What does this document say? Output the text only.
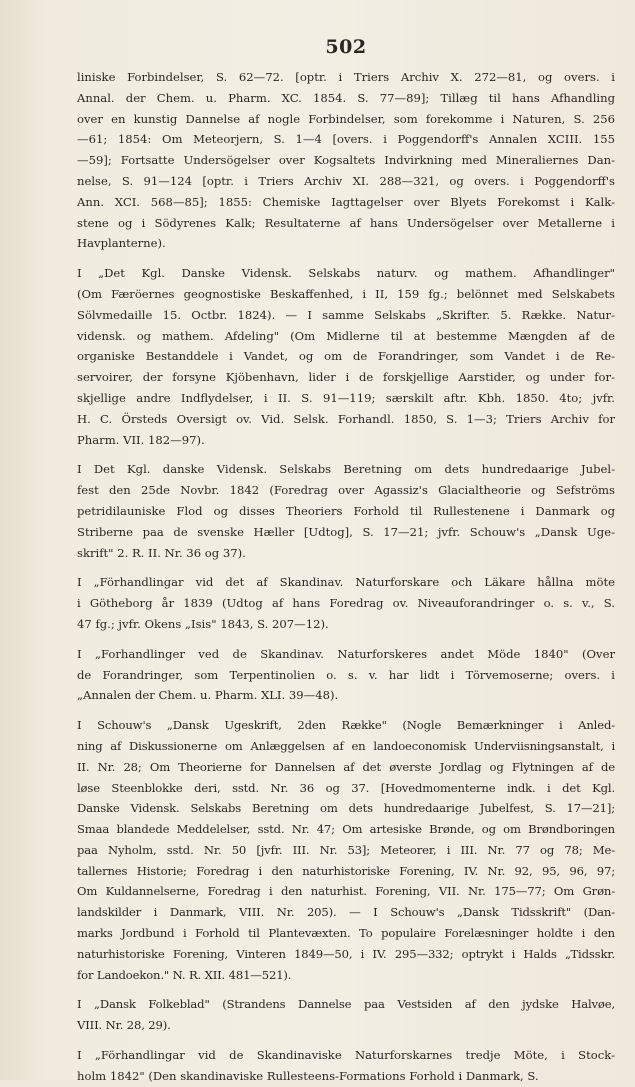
502
liniske Forbindelser, S. 62—72. [optr. i Triers Archiv X. 272—81, og overs. i
Annal. der Chem. u. Pharm. XC. 1854. S. 77—89]; Tillæg til hans Afhandling
over en kunstig Dannelse af nogle Forbindelser, som forekomme i Naturen, S. 256
—61; 1854: Om Meteorjern, S. 1—4 [overs. i Poggendorff's Annalen XCIII. 155
—59]; Fortsatte Undersögelser over Kogsaltets Indvirkning med Mineraliernes Dan-
nelse, S. 91—124 [optr. i Triers Archiv XI. 288—321, og overs. i Poggendorff's
Ann. XCI. 568—85]; 1855: Chemiske Iagttagelser over Blyets Forekomst i Kalk-
stene og i Södyrenes Kalk; Resultaterne af hans Undersögelser over Metallerne i
Havplanterne).
I „Det Kgl. Danske Vidensk. Selskabs naturv. og mathem. Afhandlinger"
(Om Færöernes geognostiske Beskaffenhed, i II, 159 fg.; belönnet med Selskabets
Sölvmedaille 15. Octbr. 1824). — I samme Selskabs „Skrifter. 5. Række. Natur-
vidensk. og mathem. Afdeling" (Om Midlerne til at bestemme Mængden af de
organiske Bestanddele i Vandet, og om de Forandringer, som Vandet i de Re-
servoirer, der forsyne Kjöbenhavn, lider i de forskjellige Aarstider, og under for-
skjellige andre Indflydelser, i II. S. 91—119; særskilt aftr. Kbh. 1850. 4to; jvfr.
H. C. Örsteds Oversigt ov. Vid. Selsk. Forhandl. 1850, S. 1—3; Triers Archiv for
Pharm. VII. 182—97).
I Det Kgl. danske Vidensk. Selskabs Beretning om dets hundredaarige Jubel-
fest den 25de Novbr. 1842 (Foredrag over Agassiz's Glacialtheorie og Sefströms
petridilauniske Flod og disses Theoriers Forhold til Rullestenene i Danmark og
Striberne paa de svenske Hæller [Udtog], S. 17—21; jvfr. Schouw's „Dansk Uge-
skrift" 2. R. II. Nr. 36 og 37).
I „Förhandlingar vid det af Skandinav. Naturforskare och Läkare hållna möte
i Götheborg år 1839 (Udtog af hans Foredrag ov. Niveauforandringer o. s. v., S.
47 fg.; jvfr. Okens „Isis" 1843, S. 207—12).
I „Forhandlinger ved de Skandinav. Naturforskeres andet Möde 1840" (Over
de Forandringer, som Terpentinolien o. s. v. har lidt i Törvemoserne; overs. i
„Annalen der Chem. u. Pharm. XLI. 39—48).
I Schouw's „Dansk Ugeskrift, 2den Række" (Nogle Bemærkninger i Anled-
ning af Diskussionerne om Anlæggelsen af en landoeconomisk Underviisningsanstalt, i
II. Nr. 28; Om Theorierne for Dannelsen af det øverste Jordlag og Flytningen af de
løse Steenblokke deri, sstd. Nr. 36 og 37. [Hovedmomenterne indk. i det Kgl.
Danske Vidensk. Selskabs Beretning om dets hundredaarige Jubelfest, S. 17—21];
Smaa blandede Meddelelser, sstd. Nr. 47; Om artesiske Brønde, og om Brøndboringen
paa Nyholm, sstd. Nr. 50 [jvfr. III. Nr. 53]; Meteorer, i III. Nr. 77 og 78; Me-
tallernes Historie; Foredrag i den naturhistoriske Forening, IV. Nr. 92, 95, 96, 97;
Om Kuldannelserne, Foredrag i den naturhist. Forening, VII. Nr. 175—77; Om Grøn-
landskilder i Danmark, VIII. Nr. 205). — I Schouw's „Dansk Tidsskrift" (Dan-
marks Jordbund i Forhold til Plantevæxten. To populaire Forelæsninger holdte i den
naturhistoriske Forening, Vinteren 1849—50, i IV. 295—332; optrykt i Halds „Tidsskr.
for Landoekon." N. R. XII. 481—521).
I „Dansk Folkeblad" (Strandens Dannelse paa Vestsiden af den jydske Halvøe,
VIII. Nr. 28, 29).
I „Förhandlingar vid de Skandinaviske Naturforskarnes tredje Möte, i Stock-
holm 1842" (Den skandinaviske Rullesteens-Formations Forhold i Danmark, S.
